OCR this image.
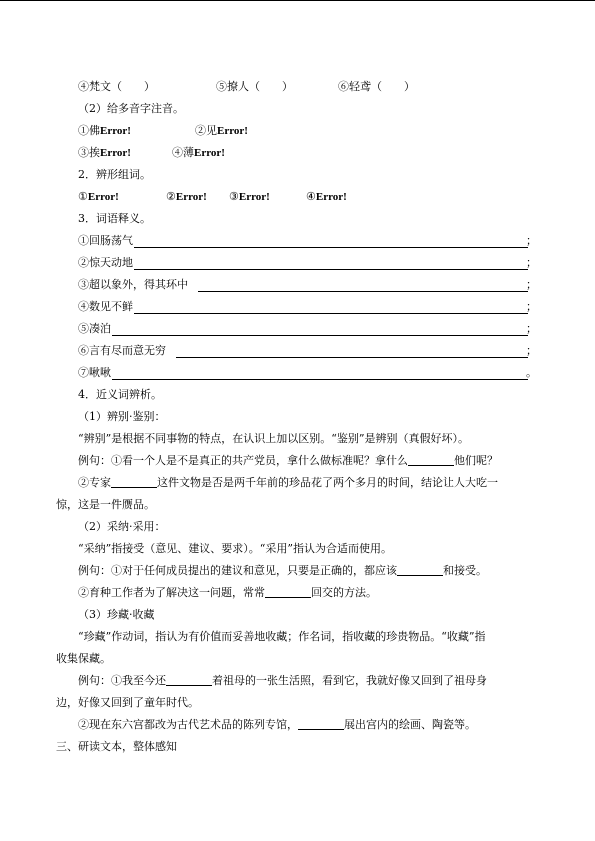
④梵文（　　）	⑤撩人（　　）	⑥轻鸢（　　）
（2）给多音字注音。
①佛Error!	②见Error!
③挨Error!	④薄Error!
2．辨形组词。
①Error!	②Error! ③Error!	④Error!
3．词语释义。
①回肠荡气	；
②惊天动地	；
③超以象外，得其环中	；
④数见不鲜	；
⑤凑泊	；
⑥言有尽而意无穷	；
⑦啾啾	。
4．近义词辨析。
（1）辨别·鉴别：
“辨别”是根据不同事物的特点，在认识上加以区别。“鉴别”是辨别（真假好坏）。
例句：①看一个人是不是真正的共产党员，拿什么做标准呢？拿什么	他们呢？
②专家	这件文物是否是两千年前的珍品花了两个多月的时间，结论让人大吃一
惊，这是一件赝品。
（2）采纳·采用：
“采纳”指接受（意见、建议、要求）。“采用”指认为合适而使用。
例句：①对于任何成员提出的建议和意见，只要是正确的，都应该	和接受。
②育种工作者为了解决这一问题，常常	回交的方法。
（3）珍藏·收藏
“珍藏”作动词，指认为有价值而妥善地收藏；作名词，指收藏的珍贵物品。“收藏”指
收集保藏。
例句：①我至今还	着祖母的一张生活照，看到它，我就好像又回到了祖母身
边，好像又回到了童年时代。
②现在东六宫都改为古代艺术品的陈列专馆，	展出宫内的绘画、陶瓷等。
三、研读文本，整体感知
